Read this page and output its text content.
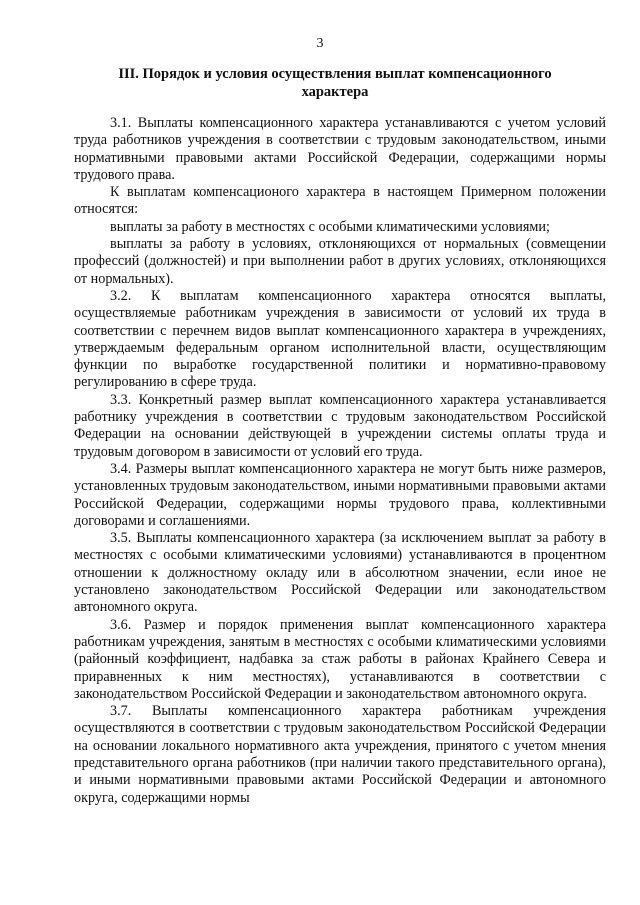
3
III. Порядок и условия осуществления выплат компенсационного характера

3.1. Выплаты компенсационного характера устанавливаются с учетом условий труда работников учреждения в соответствии с трудовым законодательством, иными нормативными правовыми актами Российской Федерации, содержащими нормы трудового права.

К выплатам компенсационого характера в настоящем Примерном положении относятся:

выплаты за работу в местностях с особыми климатическими условиями;

выплаты за работу в условиях, отклоняющихся от нормальных (совмещении профессий (должностей) и при выполнении работ в других условиях, отклоняющихся от нормальных).

3.2. К выплатам компенсационного характера относятся выплаты, осуществляемые работникам учреждения в зависимости от условий их труда в соответствии с перечнем видов выплат компенсационного характера в учреждениях, утверждаемым федеральным органом исполнительной власти, осуществляющим функции по выработке государственной политики и нормативно-правовому регулированию в сфере труда.

3.3. Конкретный размер выплат компенсационного характера устанавливается работнику учреждения в соответствии с трудовым законодательством Российской Федерации на основании действующей в учреждении системы оплаты труда и трудовым договором в зависимости от условий его труда.

3.4. Размеры выплат компенсационного характера не могут быть ниже размеров, установленных трудовым законодательством, иными нормативными правовыми актами Российской Федерации, содержащими нормы трудового права, коллективными договорами и соглашениями.

3.5. Выплаты компенсационного характера (за исключением выплат за работу в местностях с особыми климатическими условиями) устанавливаются в процентном отношении к должностному окладу или в абсолютном значении, если иное не установлено законодательством Российской Федерации или законодательством автономного округа.

3.6. Размер и порядок применения выплат компенсационного характера работникам учреждения, занятым в местностях с особыми климатическими условиями (районный коэффициент, надбавка за стаж работы в районах Крайнего Севера и приравненных к ним местностях), устанавливаются в соответствии с законодательством Российской Федерации и законодательством автономного округа.

3.7. Выплаты компенсационного характера работникам учреждения осуществляются в соответствии с трудовым законодательством Российской Федерации на основании локального нормативного акта учреждения, принятого с учетом мнения представительного органа работников (при наличии такого представительного органа), и иными нормативными правовыми актами Российской Федерации и автономного округа, содержащими нормы
